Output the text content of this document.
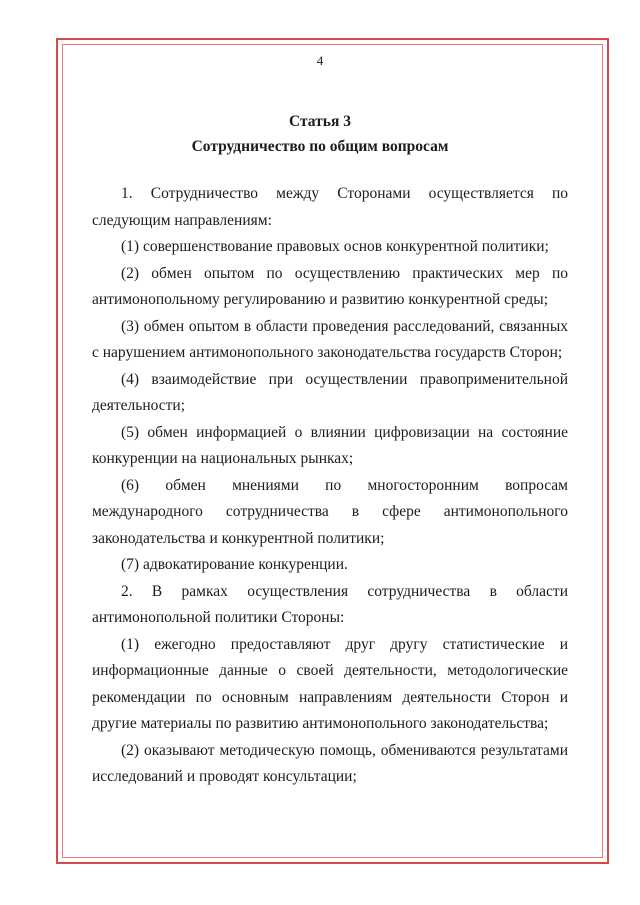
4
Статья 3
Сотрудничество по общим вопросам

1. Сотрудничество между Сторонами осуществляется по следующим направлениям:

(1) совершенствование правовых основ конкурентной политики;

(2) обмен опытом по осуществлению практических мер по антимонопольному регулированию и развитию конкурентной среды;

(3) обмен опытом в области проведения расследований, связанных с нарушением антимонопольного законодательства государств Сторон;

(4) взаимодействие при осуществлении правоприменительной деятельности;

(5) обмен информацией о влиянии цифровизации на состояние конкуренции на национальных рынках;

(6) обмен мнениями по многосторонним вопросам международного сотрудничества в сфере антимонопольного законодательства и конкурентной политики;

(7) адвокатирование конкуренции.

2. В рамках осуществления сотрудничества в области антимонопольной политики Стороны:

(1) ежегодно предоставляют друг другу статистические и информационные данные о своей деятельности, методологические рекомендации по основным направлениям деятельности Сторон и другие материалы по развитию антимонопольного законодательства;

(2) оказывают методическую помощь, обмениваются результатами исследований и проводят консультации;
